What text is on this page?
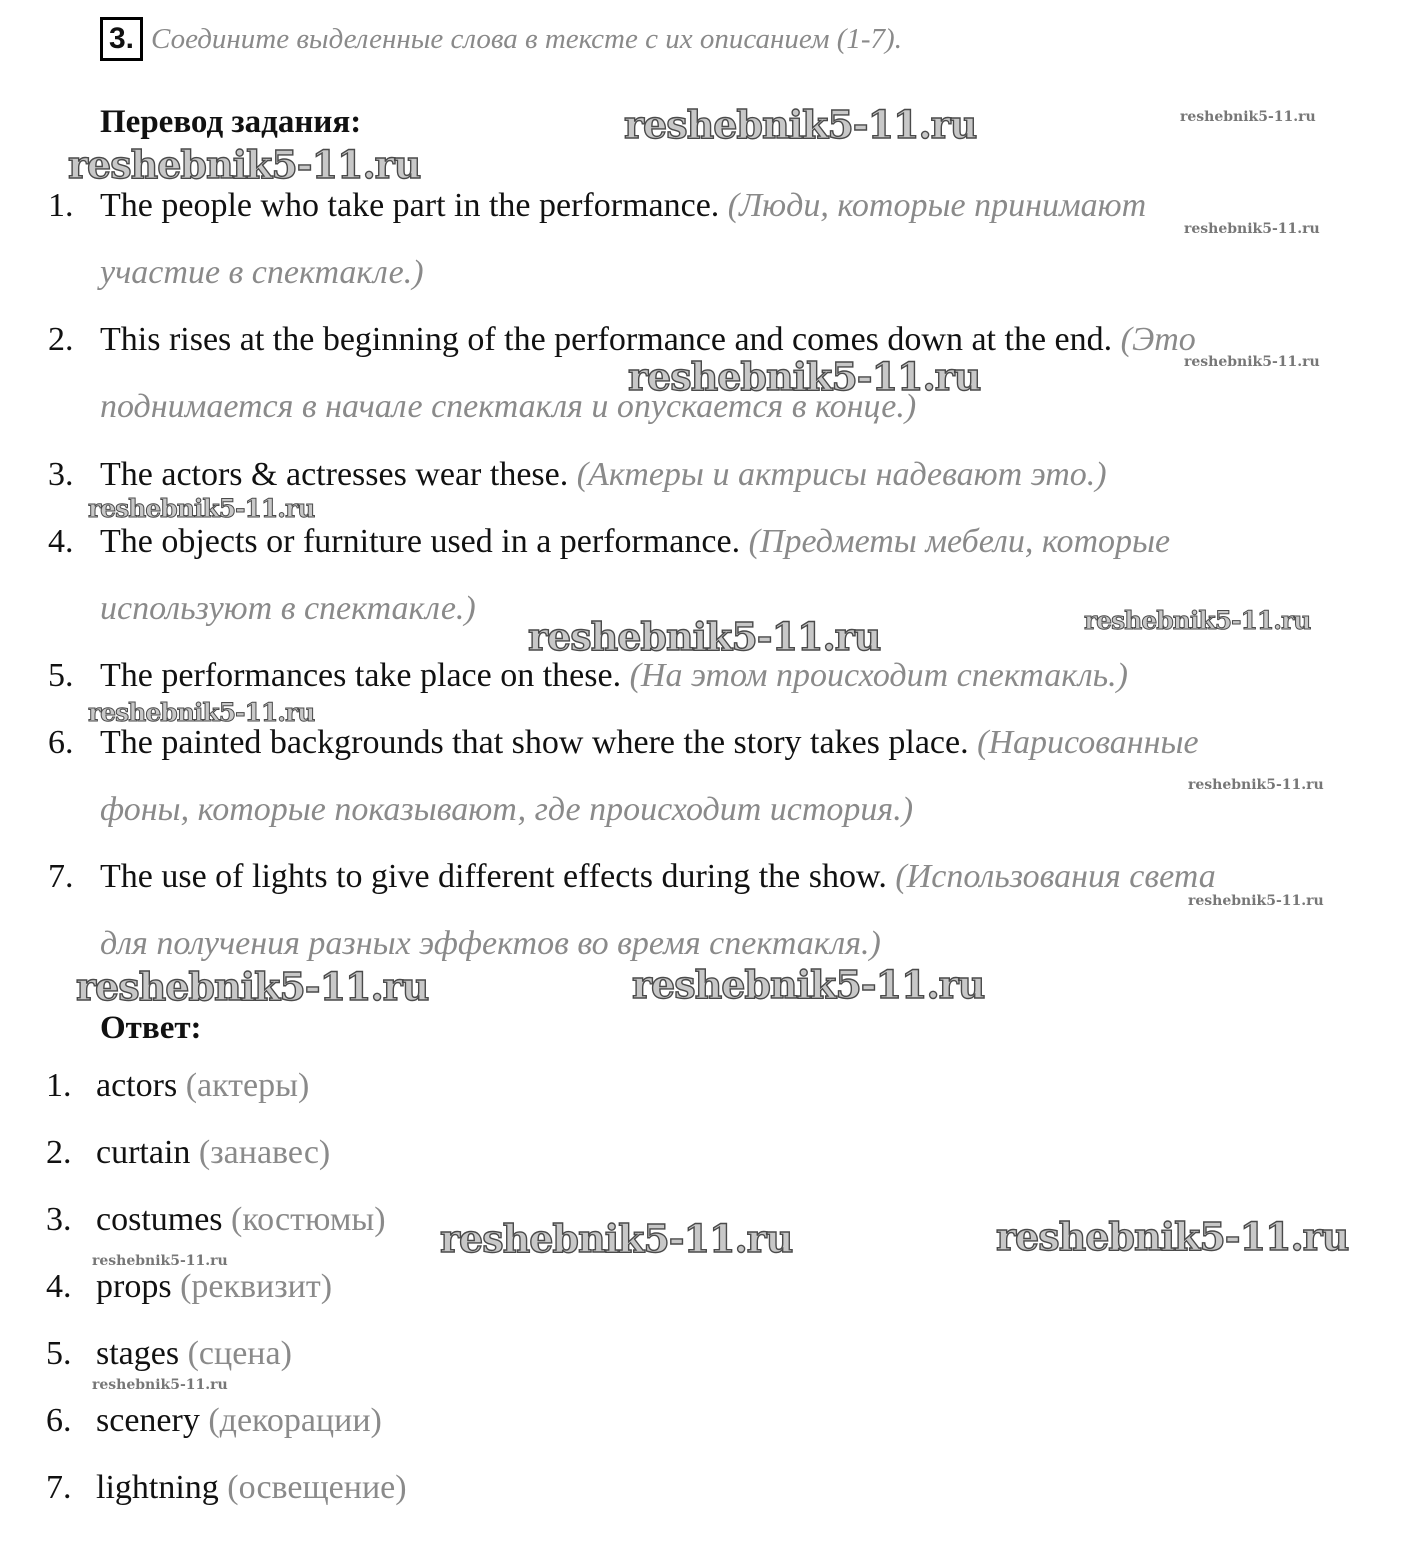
3. Соедините выделенные слова в тексте с их описанием (1-7).
Перевод задания:
1. The people who take part in the performance. (Люди, которые принимают
участие в спектакле.)
2. This rises at the beginning of the performance and comes down at the end. (Это
поднимается в начале спектакля и опускается в конце.)
3. The actors & actresses wear these. (Актеры и актрисы надевают это.)
4. The objects or furniture used in a performance. (Предметы мебели, которые
используют в спектакле.)
5. The performances take place on these. (На этом происходит спектакль.)
6. The painted backgrounds that show where the story takes place. (Нарисованные
фоны, которые показывают, где происходит история.)
7. The use of lights to give different effects during the show. (Использования света
для получения разных эффектов во время спектакля.)
Ответ:
1. actors (актеры)
2. curtain (занавес)
3. costumes (костюмы)
4. props (реквизит)
5. stages (сцена)
6. scenery (декорации)
7. lightning (освещение)
reshebnik5-11.ru	reshebnik5-11.ru
reshebnik5-11.ru
reshebnik5-11.ru
reshebnik5-11.ru
reshebnik5-11.ru
reshebnik5-11.ru
reshebnik5-11.ru	reshebnik5-11.ru
reshebnik5-11.ru
reshebnik5-11.ru
reshebnik5-11.ru
reshebnik5-11.ru	reshebnik5-11.ru
reshebnik5-11.ru	reshebnik5-11.ru
reshebnik5-11.ru
reshebnik5-11.ru
